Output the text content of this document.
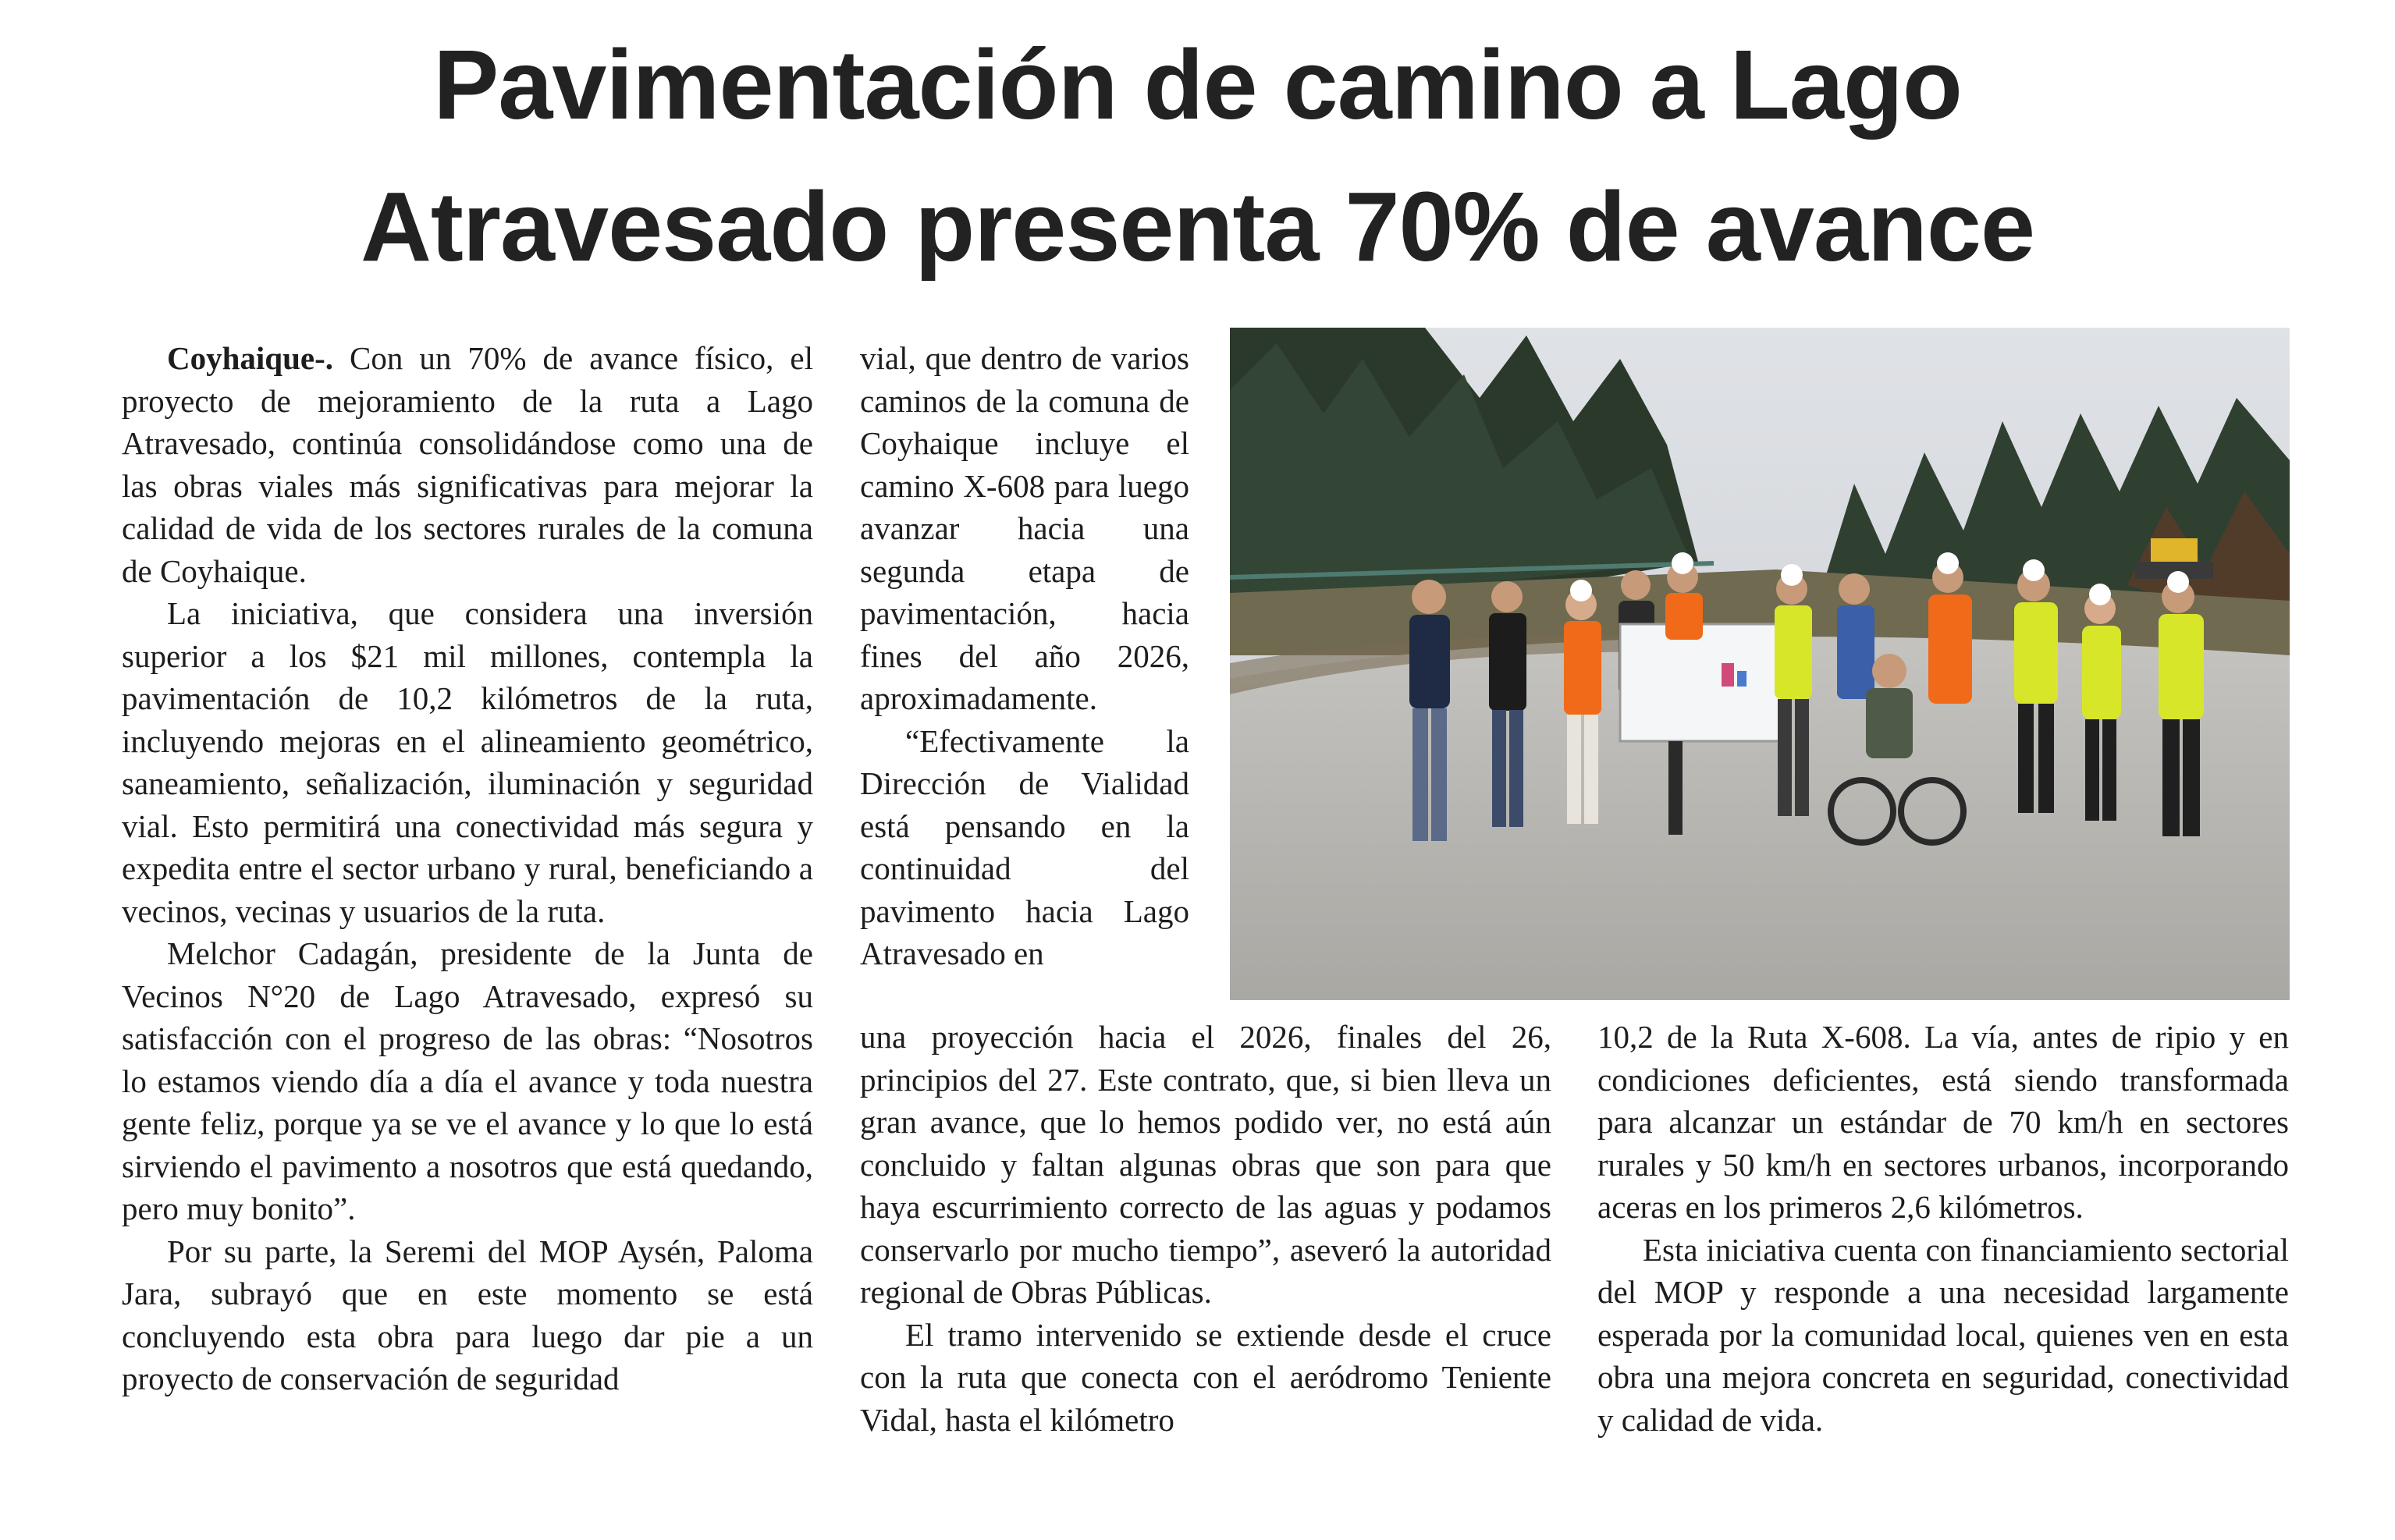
Pavimentación de camino a Lago
Atravesado presenta 70% de avance

Coyhaique-. Con un 70% de avance físico, el proyecto de mejoramiento de la ruta a Lago Atravesado, continúa consolidándose como una de las obras viales más significativas para mejorar la calidad de vida de los sectores rurales de la comuna de Coyhaique.

La iniciativa, que considera una inversión superior a los $21 mil millones, contempla la pavimentación de 10,2 kilómetros de la ruta, incluyendo mejoras en el alineamiento geométrico, saneamiento, señalización, iluminación y seguridad vial. Esto permitirá una conectividad más segura y expedita entre el sector urbano y rural, beneficiando a vecinos, vecinas y usuarios de la ruta.

Melchor Cadagán, presidente de la Junta de Vecinos N°20 de Lago Atravesado, expresó su satisfacción con el progreso de las obras: “Nosotros lo estamos viendo día a día el avance y toda nuestra gente feliz, porque ya se ve el avance y lo que lo está sirviendo el pavimento a nosotros que está quedando, pero muy bonito”.

Por su parte, la Seremi del MOP Aysén, Paloma Jara, subrayó que en este momento se está concluyendo esta obra para luego dar pie a un proyecto de conservación de seguridad

vial, que dentro de varios caminos de la comuna de Coyhaique incluye el camino X-608 para luego avanzar hacia una segunda etapa de pavimentación, hacia fines del año 2026, aproximadamente.

“Efectivamente la Dirección de Vialidad está pensando en la continuidad del pavimento hacia Lago Atravesado en

una proyección hacia el 2026, finales del 26, principios del 27. Este contrato, que, si bien lleva un gran avance, que lo hemos podido ver, no está aún concluido y faltan algunas obras que son para que haya escurrimiento correcto de las aguas y podamos conservarlo por mucho tiempo”, aseveró la autoridad regional de Obras Públicas.

El tramo intervenido se extiende desde el cruce con la ruta que conecta con el aeródromo Teniente Vidal, hasta el kilómetro

10,2 de la Ruta X-608. La vía, antes de ripio y en condiciones deficientes, está siendo transformada para alcanzar un estándar de 70 km/h en sectores rurales y 50 km/h en sectores urbanos, incorporando aceras en los primeros 2,6 kilómetros.

Esta iniciativa cuenta con financiamiento sectorial del MOP y responde a una necesidad largamente esperada por la comunidad local, quienes ven en esta obra una mejora concreta en seguridad, conectividad y calidad de vida.
